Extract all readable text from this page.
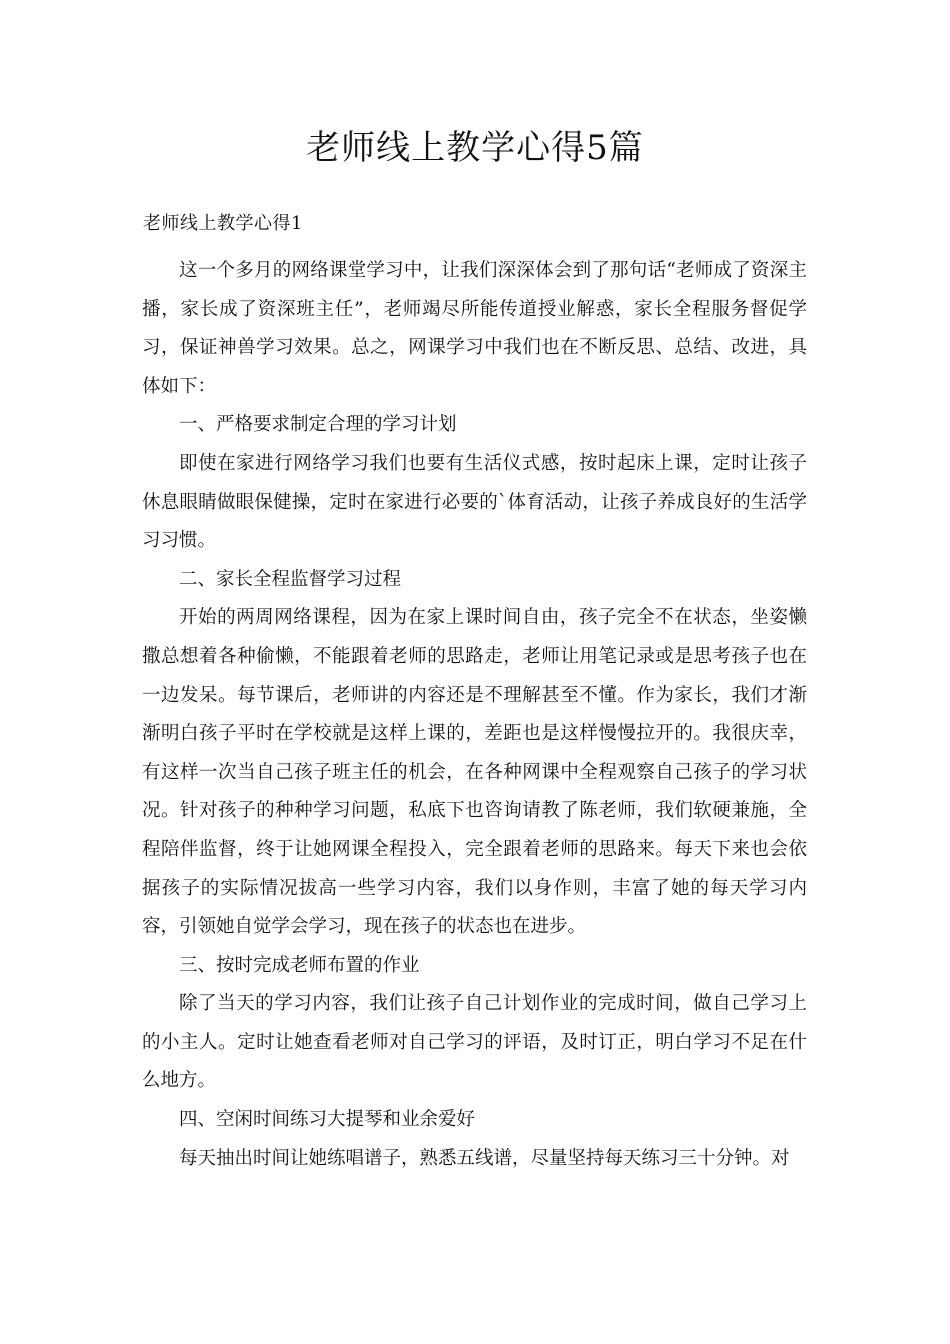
老师线上教学心得5篇
老师线上教学心得1

这一个多月的网络课堂学习中，让我们深深体会到了那句话“老师成了资深主播，家长成了资深班主任”，老师竭尽所能传道授业解惑，家长全程服务督促学习，保证神兽学习效果。总之，网课学习中我们也在不断反思、总结、改进，具体如下：

一、严格要求制定合理的学习计划

即使在家进行网络学习我们也要有生活仪式感，按时起床上课，定时让孩子休息眼睛做眼保健操，定时在家进行必要的`体育活动，让孩子养成良好的生活学习习惯。

二、家长全程监督学习过程

开始的两周网络课程，因为在家上课时间自由，孩子完全不在状态，坐姿懒撒总想着各种偷懒，不能跟着老师的思路走，老师让用笔记录或是思考孩子也在一边发呆。每节课后，老师讲的内容还是不理解甚至不懂。作为家长，我们才渐渐明白孩子平时在学校就是这样上课的，差距也是这样慢慢拉开的。我很庆幸，有这样一次当自己孩子班主任的机会，在各种网课中全程观察自己孩子的学习状况。针对孩子的种种学习问题，私底下也咨询请教了陈老师，我们软硬兼施，全程陪伴监督，终于让她网课全程投入，完全跟着老师的思路来。每天下来也会依据孩子的实际情况拔高一些学习内容，我们以身作则，丰富了她的每天学习内容，引领她自觉学会学习，现在孩子的状态也在进步。

三、按时完成老师布置的作业

除了当天的学习内容，我们让孩子自己计划作业的完成时间，做自己学习上的小主人。定时让她查看老师对自己学习的评语，及时订正，明白学习不足在什么地方。

四、空闲时间练习大提琴和业余爱好

每天抽出时间让她练唱谱子，熟悉五线谱，尽量坚持每天练习三十分钟。对
